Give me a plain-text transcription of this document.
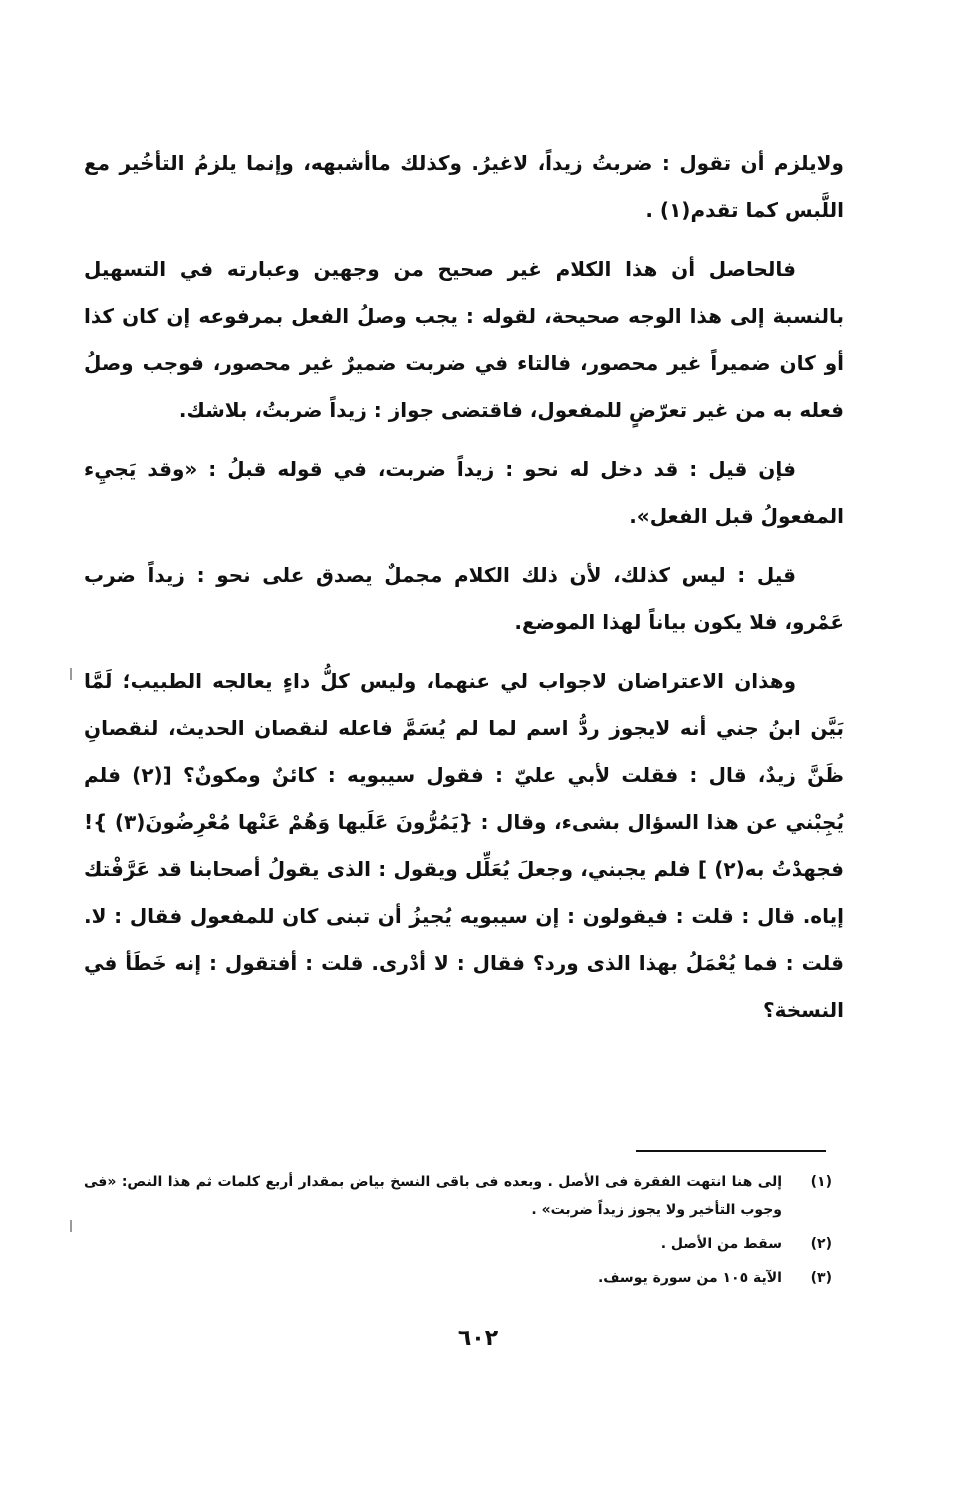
ولايلزم أن تقول : ضربتُ زيداً، لاغيرُ. وكذلك ماأشبهه، وإنما يلزمُ التأخُير مع اللَّبس كما تقدم(١) .

فالحاصل أن هذا الكلام غير صحيح من وجهين وعبارته في التسهيل بالنسبة إلى هذا الوجه صحيحة، لقوله : يجب وصلُ الفعل بمرفوعه إن كان كذا أو كان ضميراً غير محصور، فالتاء في ضربت ضميرٌ غير محصور، فوجب وصلُ فعله به من غير تعرّضٍ للمفعول، فاقتضى جواز : زيداً ضربتُ، بلاشك.

فإن قيل : قد دخل له نحو : زيداً ضربت، في قوله قبلُ : «وقد يَجيِء المفعولُ قبل الفعل».

قيل : ليس كذلك، لأن ذلك الكلام مجملٌ يصدق على نحو : زيداً ضرب عَمْرو، فلا يكون بياناً لهذا الموضع.

وهذان الاعتراضان لاجواب لي عنهما، وليس كلُّ داءٍ يعالجه الطبيب؛ لَمَّا بَيَّن ابنُ جني أنه لايجوز ردُّ اسم لما لم يُسَمَّ فاعله لنقصان الحديث، لنقصانِ ظَنَّ زيدٌ، قال : فقلت لأبي عليّ : فقول سيبويه : كائنٌ ومكونٌ؟ [(٢) فلم يُجِبْني عن هذا السؤال بشىء، وقال : {يَمُرُّونَ عَلَيها وَهُمْ عَنْها مُعْرِضُونَ(٣) }! فجهدْتُ به(٢) ] فلم يجبني، وجعلَ يُعَلِّل ويقول : الذى يقولُ أصحابنا قد عَرَّفْتك إياه. قال : قلت : فيقولون : إن سيبويه يُجيزُ أن تبنى كان للمفعول فقال : لا. قلت : فما يُعْمَلُ بهذا الذى ورد؟ فقال : لا أدْرى. قلت : أفتقول : إنه خَطَأ في النسخة؟

(١)
إلى هنا انتهت الفقرة فى الأصل . وبعده فى باقى النسخ بياض بمقدار أربع كلمات ثم هذا النص: «فى وجوب التأخير ولا يجوز زيداً ضربت» .
(٢)
سقط من الأصل .
(٣)
الآية ١٠٥ من سورة يوسف.
٦٠٢
